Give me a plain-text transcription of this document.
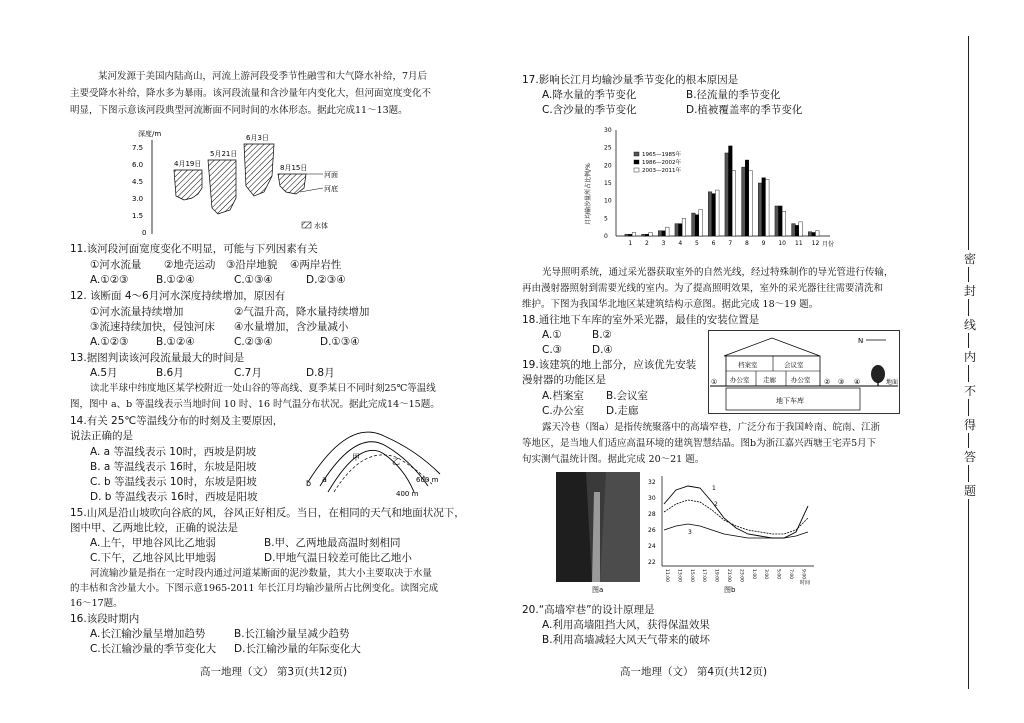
某河发源于美国内陆高山，河流上游河段受季节性融雪和大气降水补给，7月后
主要受降水补给，降水多为暴雨。该河段流量和含沙量年内变化大，但河面宽度变化不
明显，下图示意该河段典型河流断面不同时间的水体形态。据此完成11～13题。
深度/m
7.5
6.0
4.5
3.0
1.5
0
4月19日
5月21日
6月3日
8月15日
河面
河底
水体
11.该河段河面宽度变化不明显，可能与下列因素有关
①河水流量 ②地壳运动 ③沿岸地貌 ④两岸岩性
A.①②③	B.①②④	C.①③④	D.②③④
12. 该断面 4～6月河水深度持续增加，原因有
①河水流量持续增加	②气温升高，降水量持续增加
③流速持续加快，侵蚀河床 ④水量增加，含沙量减小
A.①②③	B.①②④	C.②③④	D.①③④
13.据图判读该河段流量最大的时间是
A.5月	B.6月	C.7月	D.8月
读北半球中纬度地区某学校附近一处山谷的等高线、夏季某日不同时刻25℃等温线
图，图中 a、b 等温线表示当地时间 10 时、16 时气温分布状况。据此完成14～15题。
14.有关 25℃等温线分布的时刻及主要原因，
说法正确的是
A. a 等温线表示 10时，西坡是阴坡
B. a 等温线表示 16时，东坡是阳坡
C. b 等温线表示 10时，东坡是阳坡
D. b 等温线表示 16时，西坡是阳坡
甲	乙
a
b	600 m
400 m
15.山风是沿山坡吹向谷底的风，谷风正好相反。当日，在相同的天气和地面状况下，
图中甲、乙两地比较，正确的说法是
A.上午，甲地谷风比乙地弱	B.甲、乙两地最高温时刻相同
C.下午，乙地谷风比甲地弱	D.甲地气温日较差可能比乙地小
河流输沙量是指在一定时段内通过河道某断面的泥沙数量，其大小主要取决于水量
的丰枯和含沙量大小。下图示意1965-2011 年长江月均输沙量所占比例变化。读图完成
16～17题。
16.该段时期内
A.长江输沙量呈增加趋势	B.长江输沙量呈减少趋势
C.长江输沙量的季节变化大 D.长江输沙量的年际变化大
高一地理（文） 第3页(共12页)
17.影响长江月均输沙量季节变化的根本原因是
A.降水量的季节变化	B.径流量的季节变化
C.含沙量的季节变化	D.植被覆盖率的季节变化
月均输沙量所占比例/%
30
25
20
15
10
5
0
1 2 3 4 5 6 7 8 9 10 11 12 月份
1965—1985年
1986—2002年
2003—2011年
光导照明系统，通过采光器获取室外的自然光线，经过特殊制作的导光管进行传输，
再由漫射器照射到需要光线的室内。为了提高照明效果，室外的采光器往往需要清洗和
维护。下图为我国华北地区某建筑结构示意图。据此完成 18～19 题。
18.通往地下车库的室外采光器，最佳的安装位置是
A.①	B.②
C.③	D.④
N
档案室	会议室
办公室 走廊 办公室
地下车库
①	② ③ ④	地面
19.该建筑的地上部分，应该优先安装
漫射器的功能区是
A.档案室 B.会议室
C.办公室 D.走廊
露天冷巷（图a）是指传统聚落中的高墙窄巷，广泛分布于我国岭南、皖南、江浙
等地区，是当地人们适应高温环境的建筑智慧结晶。图b为浙江嘉兴西塘王宅弄5月下
旬实测气温统计图。据此完成 20～21 题。
图a
32
30
28
26
24
22
1
2
3
11:00 13:00 15:00 17:00 19:00 21:00 23:00 1:00 3:00 5:00 7:00 9:00
时间
图b
20.“高墙窄巷”的设计原理是
A.利用高墙阻挡大风，获得保温效果
B.利用高墙减轻大风天气带来的破坏
高一地理（文） 第4页(共12页)
密
封
线
内
不
得
答
题
